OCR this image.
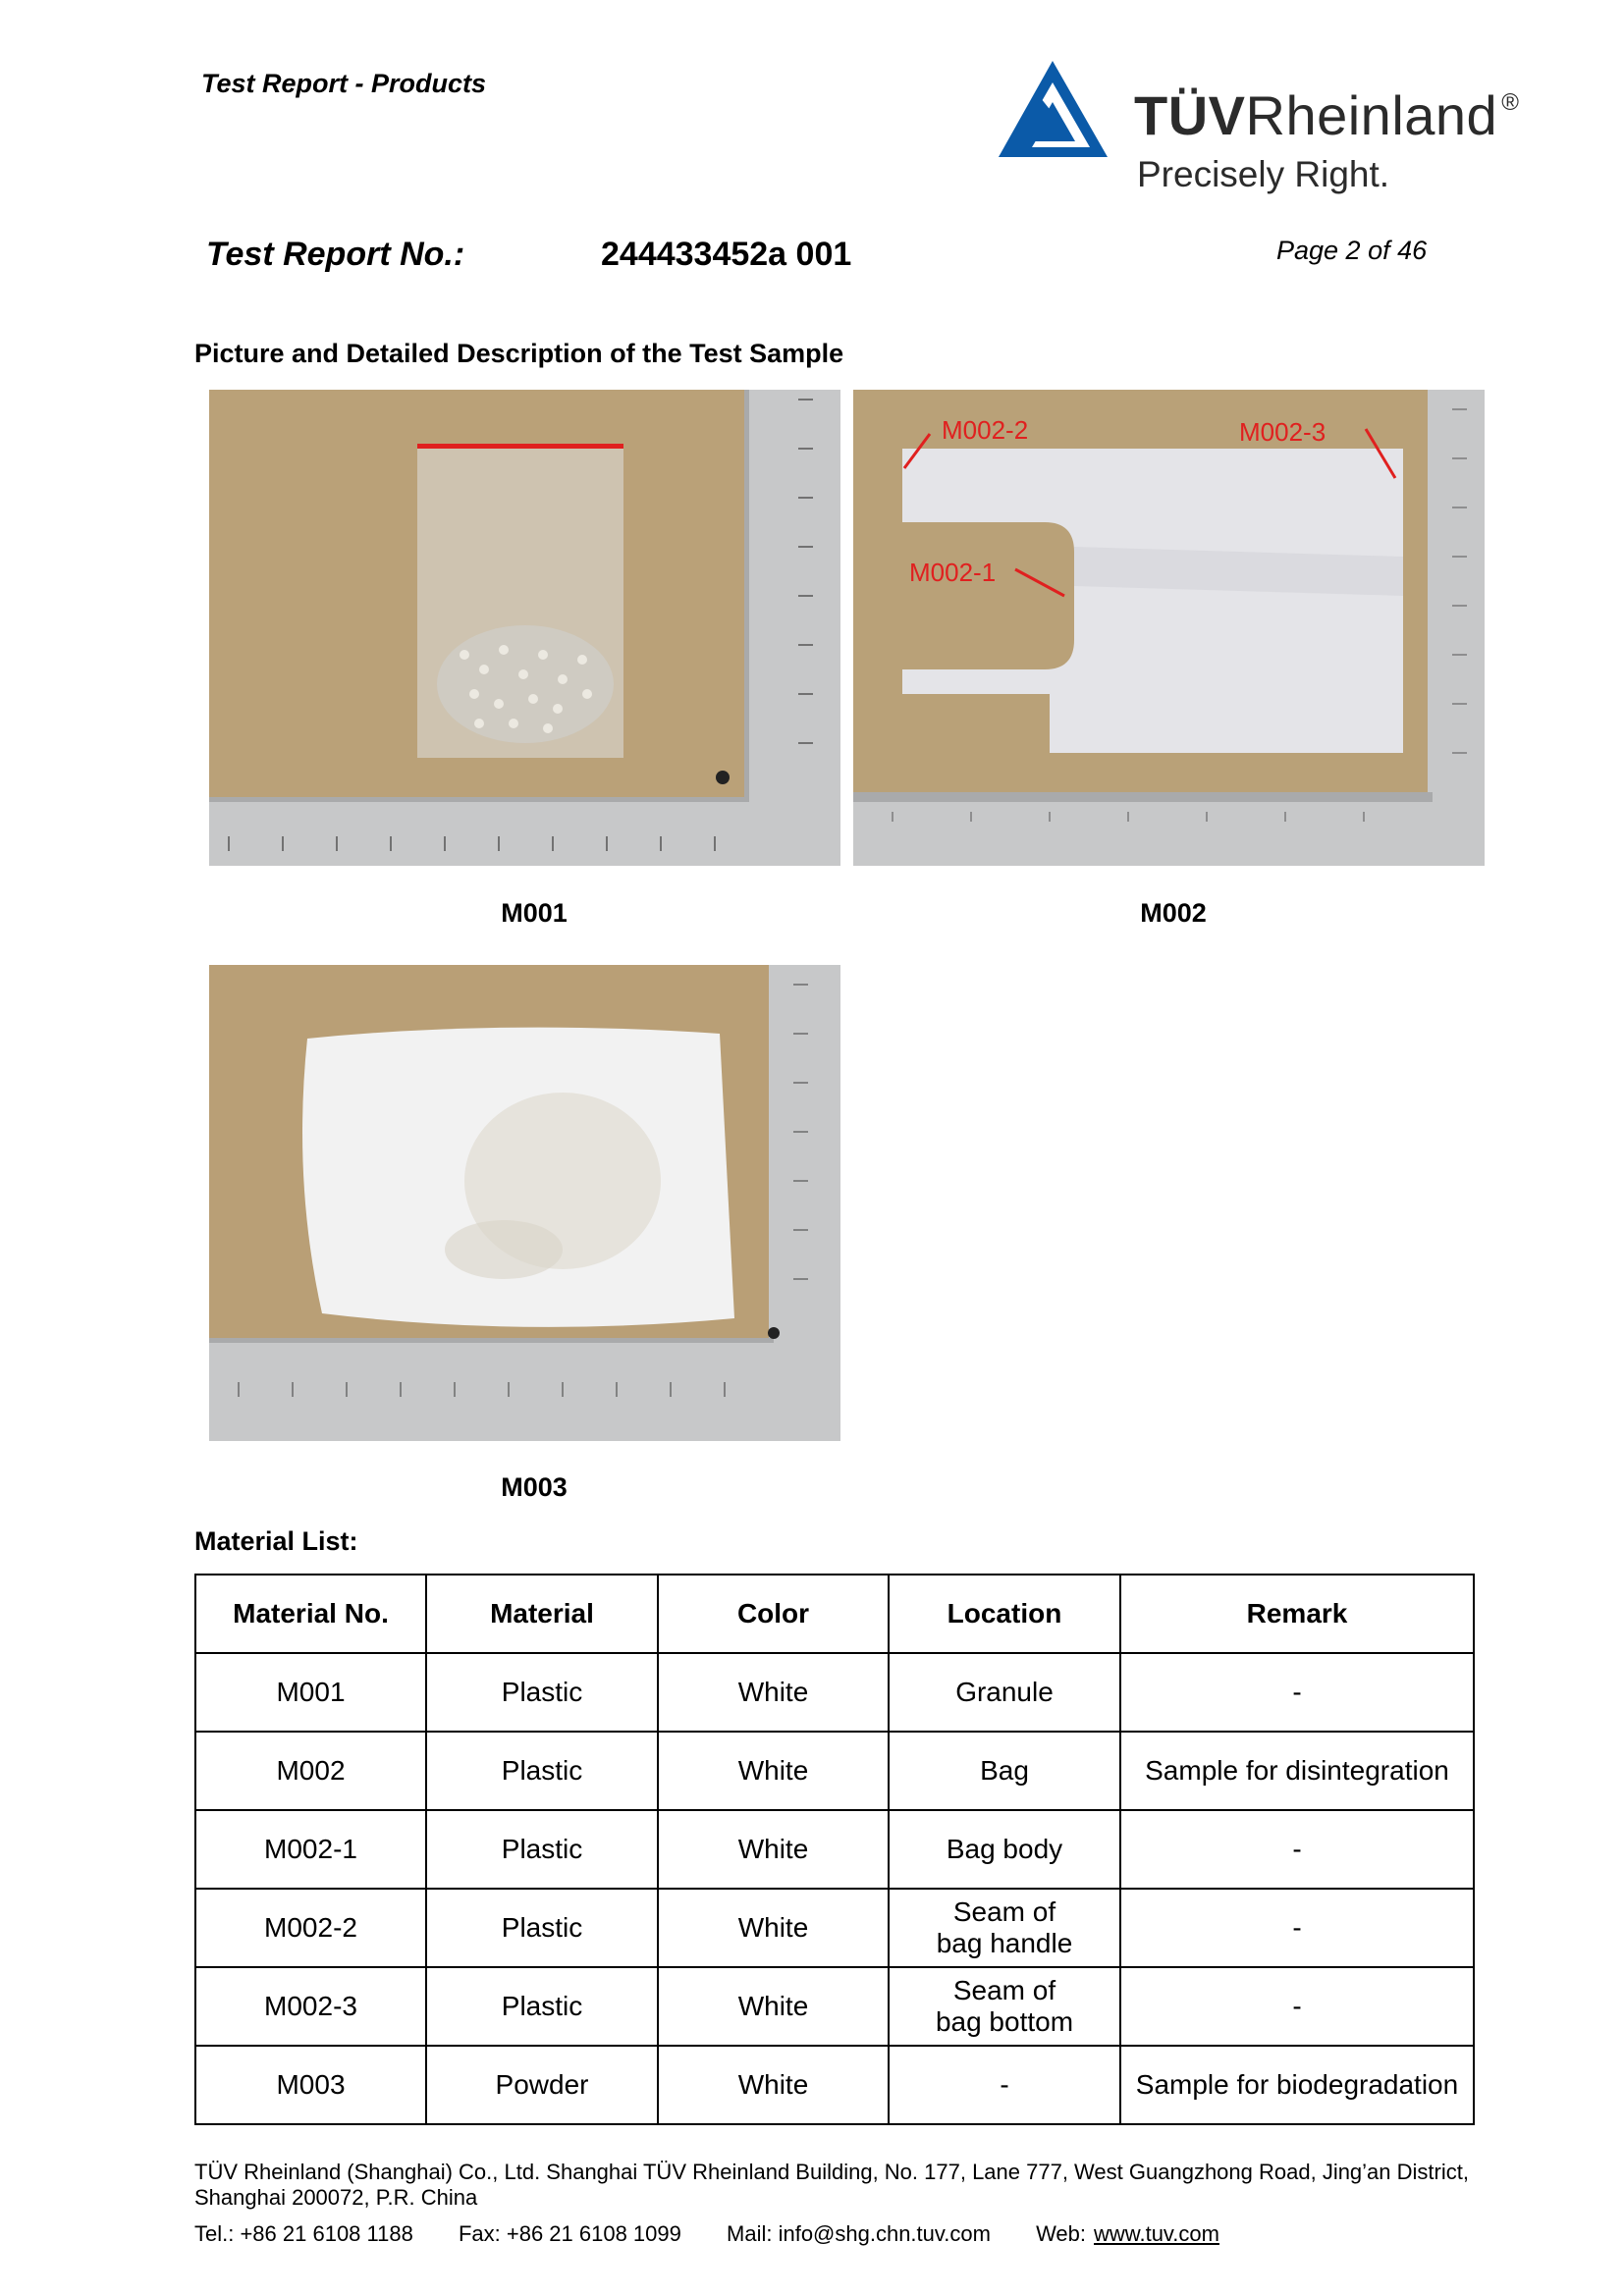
Test Report - Products
TÜVRheinland ®
Precisely Right.
Test Report No.:	244433452a 001	Page 2 of 46
Picture and Detailed Description of the Test Sample
M001
M002-2	M002-3
M002-1
M002
M003
Material List:
Material No.	Material	Color	Location	Remark
M001	Plastic	White	Granule	-
M002	Plastic	White	Bag	Sample for disintegration
M002-1	Plastic	White	Bag body	-
M002-2	Plastic	White	Seam of bag handle	-
M002-3	Plastic	White	Seam of bag bottom	-
M003	Powder	White	-	Sample for biodegradation
TÜV Rheinland (Shanghai) Co., Ltd. Shanghai TÜV Rheinland Building, No. 177, Lane 777, West Guangzhong Road, Jing’an District, Shanghai 200072, P.R. China
Tel.: +86 21 6108 1188 Fax: +86 21 6108 1099 Mail: info@shg.chn.tuv.com Web: www.tuv.com
